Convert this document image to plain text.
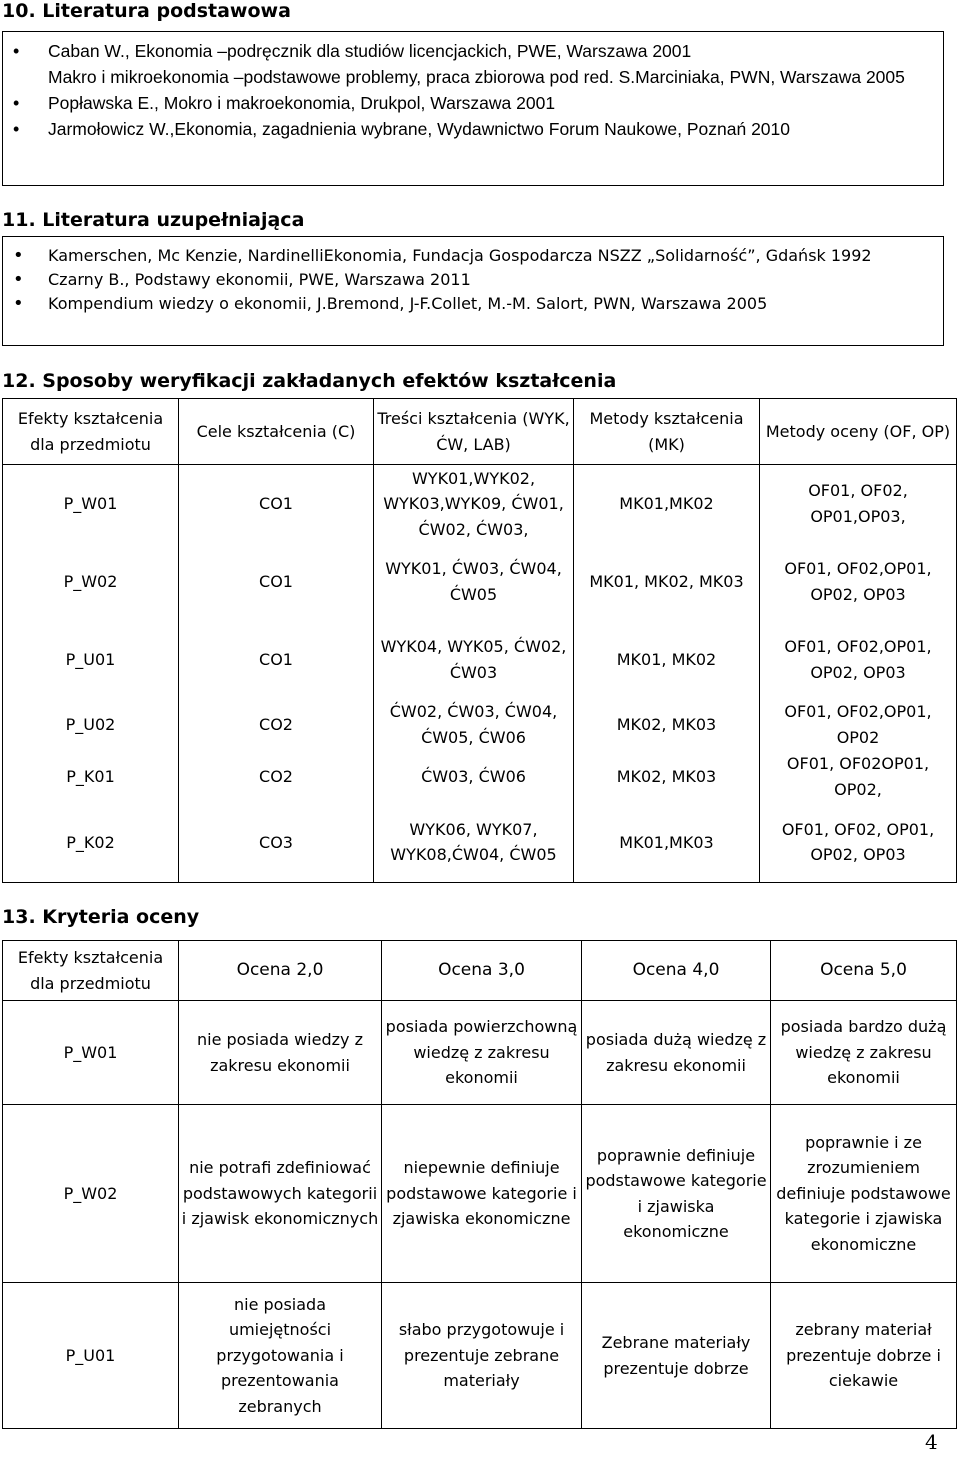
10. Literatura podstawowa
• Caban W., Ekonomia –podręcznik dla studiów licencjackich, PWE, Warszawa 2001
Makro i mikroekonomia –podstawowe problemy, praca zbiorowa pod red. S.Marciniaka, PWN, Warszawa 2005
• Popławska E., Mokro i makroekonomia, Drukpol, Warszawa 2001
• Jarmołowicz W.,Ekonomia, zagadnienia wybrane, Wydawnictwo Forum Naukowe, Poznań 2010
11. Literatura uzupełniająca
• Kamerschen, Mc Kenzie, NardinelliEkonomia, Fundacja Gospodarcza NSZZ „Solidarność”, Gdańsk 1992
• Czarny B., Podstawy ekonomii, PWE, Warszawa 2011
• Kompendium wiedzy o ekonomii, J.Bremond, J-F.Collet, M.-M. Salort, PWN, Warszawa 2005
12. Sposoby weryfikacji zakładanych efektów kształcenia
Efekty kształcenia dla przedmiotu	Cele kształcenia (C)	Treści kształcenia (WYK, ĆW, LAB)	Metody kształcenia (MK)	Metody oceny (OF, OP)
P_W01	CO1	WYK01,WYK02, WYK03,WYK09, ĆW01, ĆW02, ĆW03,	MK01,MK02	OF01, OF02, OP01,OP03,
P_W02	CO1	WYK01, ĆW03, ĆW04, ĆW05	MK01, MK02, MK03	OF01, OF02,OP01, OP02, OP03
P_U01	CO1	WYK04, WYK05, ĆW02, ĆW03	MK01, MK02	OF01, OF02,OP01, OP02, OP03
P_U02	CO2	ĆW02, ĆW03, ĆW04, ĆW05, ĆW06	MK02, MK03	OF01, OF02,OP01, OP02
P_K01	CO2	ĆW03, ĆW06	MK02, MK03	OF01, OF02OP01, OP02,
P_K02	CO3	WYK06, WYK07, WYK08,ĆW04, ĆW05	MK01,MK03	OF01, OF02, OP01, OP02, OP03
13. Kryteria oceny
Efekty kształcenia dla przedmiotu	Ocena 2,0	Ocena 3,0	Ocena 4,0	Ocena 5,0
P_W01	nie posiada wiedzy z zakresu ekonomii	posiada powierzchowną wiedzę z zakresu ekonomii	posiada dużą wiedzę z zakresu ekonomii	posiada bardzo dużą wiedzę z zakresu ekonomii
P_W02	nie potrafi zdefiniować podstawowych kategorii i zjawisk ekonomicznych	niepewnie definiuje podstawowe kategorie i zjawiska ekonomiczne	poprawnie definiuje podstawowe kategorie i zjawiska ekonomiczne	poprawnie i ze zrozumieniem definiuje podstawowe kategorie i zjawiska ekonomiczne
P_U01	nie posiada umiejętności przygotowania i prezentowania zebranych	słabo przygotowuje i prezentuje zebrane materiały	Zebrane materiały prezentuje dobrze	zebrany materiał prezentuje dobrze i ciekawie
4
